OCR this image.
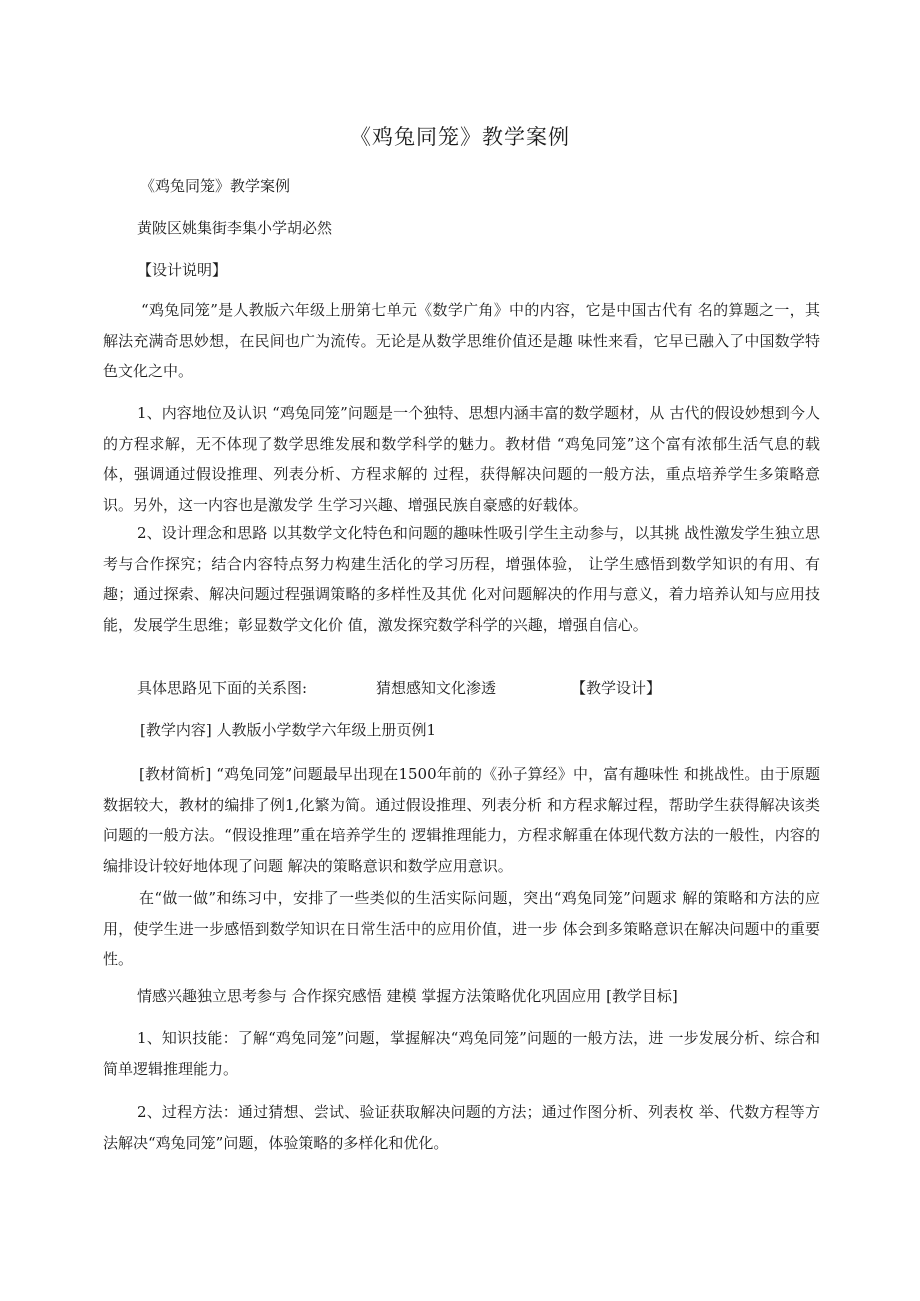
《鸡兔同笼》教学案例
《鸡兔同笼》教学案例
黄陂区姚集街李集小学胡必然
【设计说明】
“鸡兔同笼”是人教版六年级上册第七单元《数学广角》中的内容，它是中国古代有 名的算题之一，其解法充满奇思妙想，在民间也广为流传。无论是从数学思维价值还是趣 味性来看，它早已融入了中国数学特色文化之中。
1、内容地位及认识 “鸡兔同笼”问题是一个独特、思想内涵丰富的数学题材，从 古代的假设妙想到今人的方程求解，无不体现了数学思维发展和数学科学的魅力。教材借 “鸡兔同笼”这个富有浓郁生活气息的载体，强调通过假设推理、列表分析、方程求解的 过程，获得解决问题的一般方法，重点培养学生多策略意识。另外，这一内容也是激发学 生学习兴趣、增强民族自豪感的好载体。
2、设计理念和思路 以其数学文化特色和问题的趣味性吸引学生主动参与，以其挑 战性激发学生独立思考与合作探究；结合内容特点努力构建生活化的学习历程，增强体验， 让学生感悟到数学知识的有用、有趣；通过探索、解决问题过程强调策略的多样性及其优 化对问题解决的作用与意义，着力培养认知与应用技能，发展学生思维；彰显数学文化价 值，激发探究数学科学的兴趣，增强自信心。
具体思路见下面的关系图:	猜想感知文化渗透	【教学设计】
[教学内容] 人教版小学数学六年级上册页例1
[教材简析] “鸡兔同笼”问题最早出现在1500年前的《孙子算经》中，富有趣味性 和挑战性。由于原题数据较大，教材的编排了例1,化繁为简。通过假设推理、列表分析 和方程求解过程，帮助学生获得解决该类问题的一般方法。“假设推理”重在培养学生的 逻辑推理能力，方程求解重在体现代数方法的一般性，内容的编排设计较好地体现了问题 解决的策略意识和数学应用意识。
在“做一做”和练习中，安排了一些类似的生活实际问题，突出“鸡兔同笼”问题求 解的策略和方法的应用，使学生进一步感悟到数学知识在日常生活中的应用价值，进一步 体会到多策略意识在解决问题中的重要性。
情感兴趣独立思考参与 合作探究感悟 建模 掌握方法策略优化巩固应用 [教学目标]
1、知识技能：了解“鸡兔同笼”问题，掌握解决“鸡兔同笼”问题的一般方法，进 一步发展分析、综合和简单逻辑推理能力。
2、过程方法：通过猜想、尝试、验证获取解决问题的方法；通过作图分析、列表枚 举、代数方程等方法解决“鸡兔同笼”问题，体验策略的多样化和优化。
